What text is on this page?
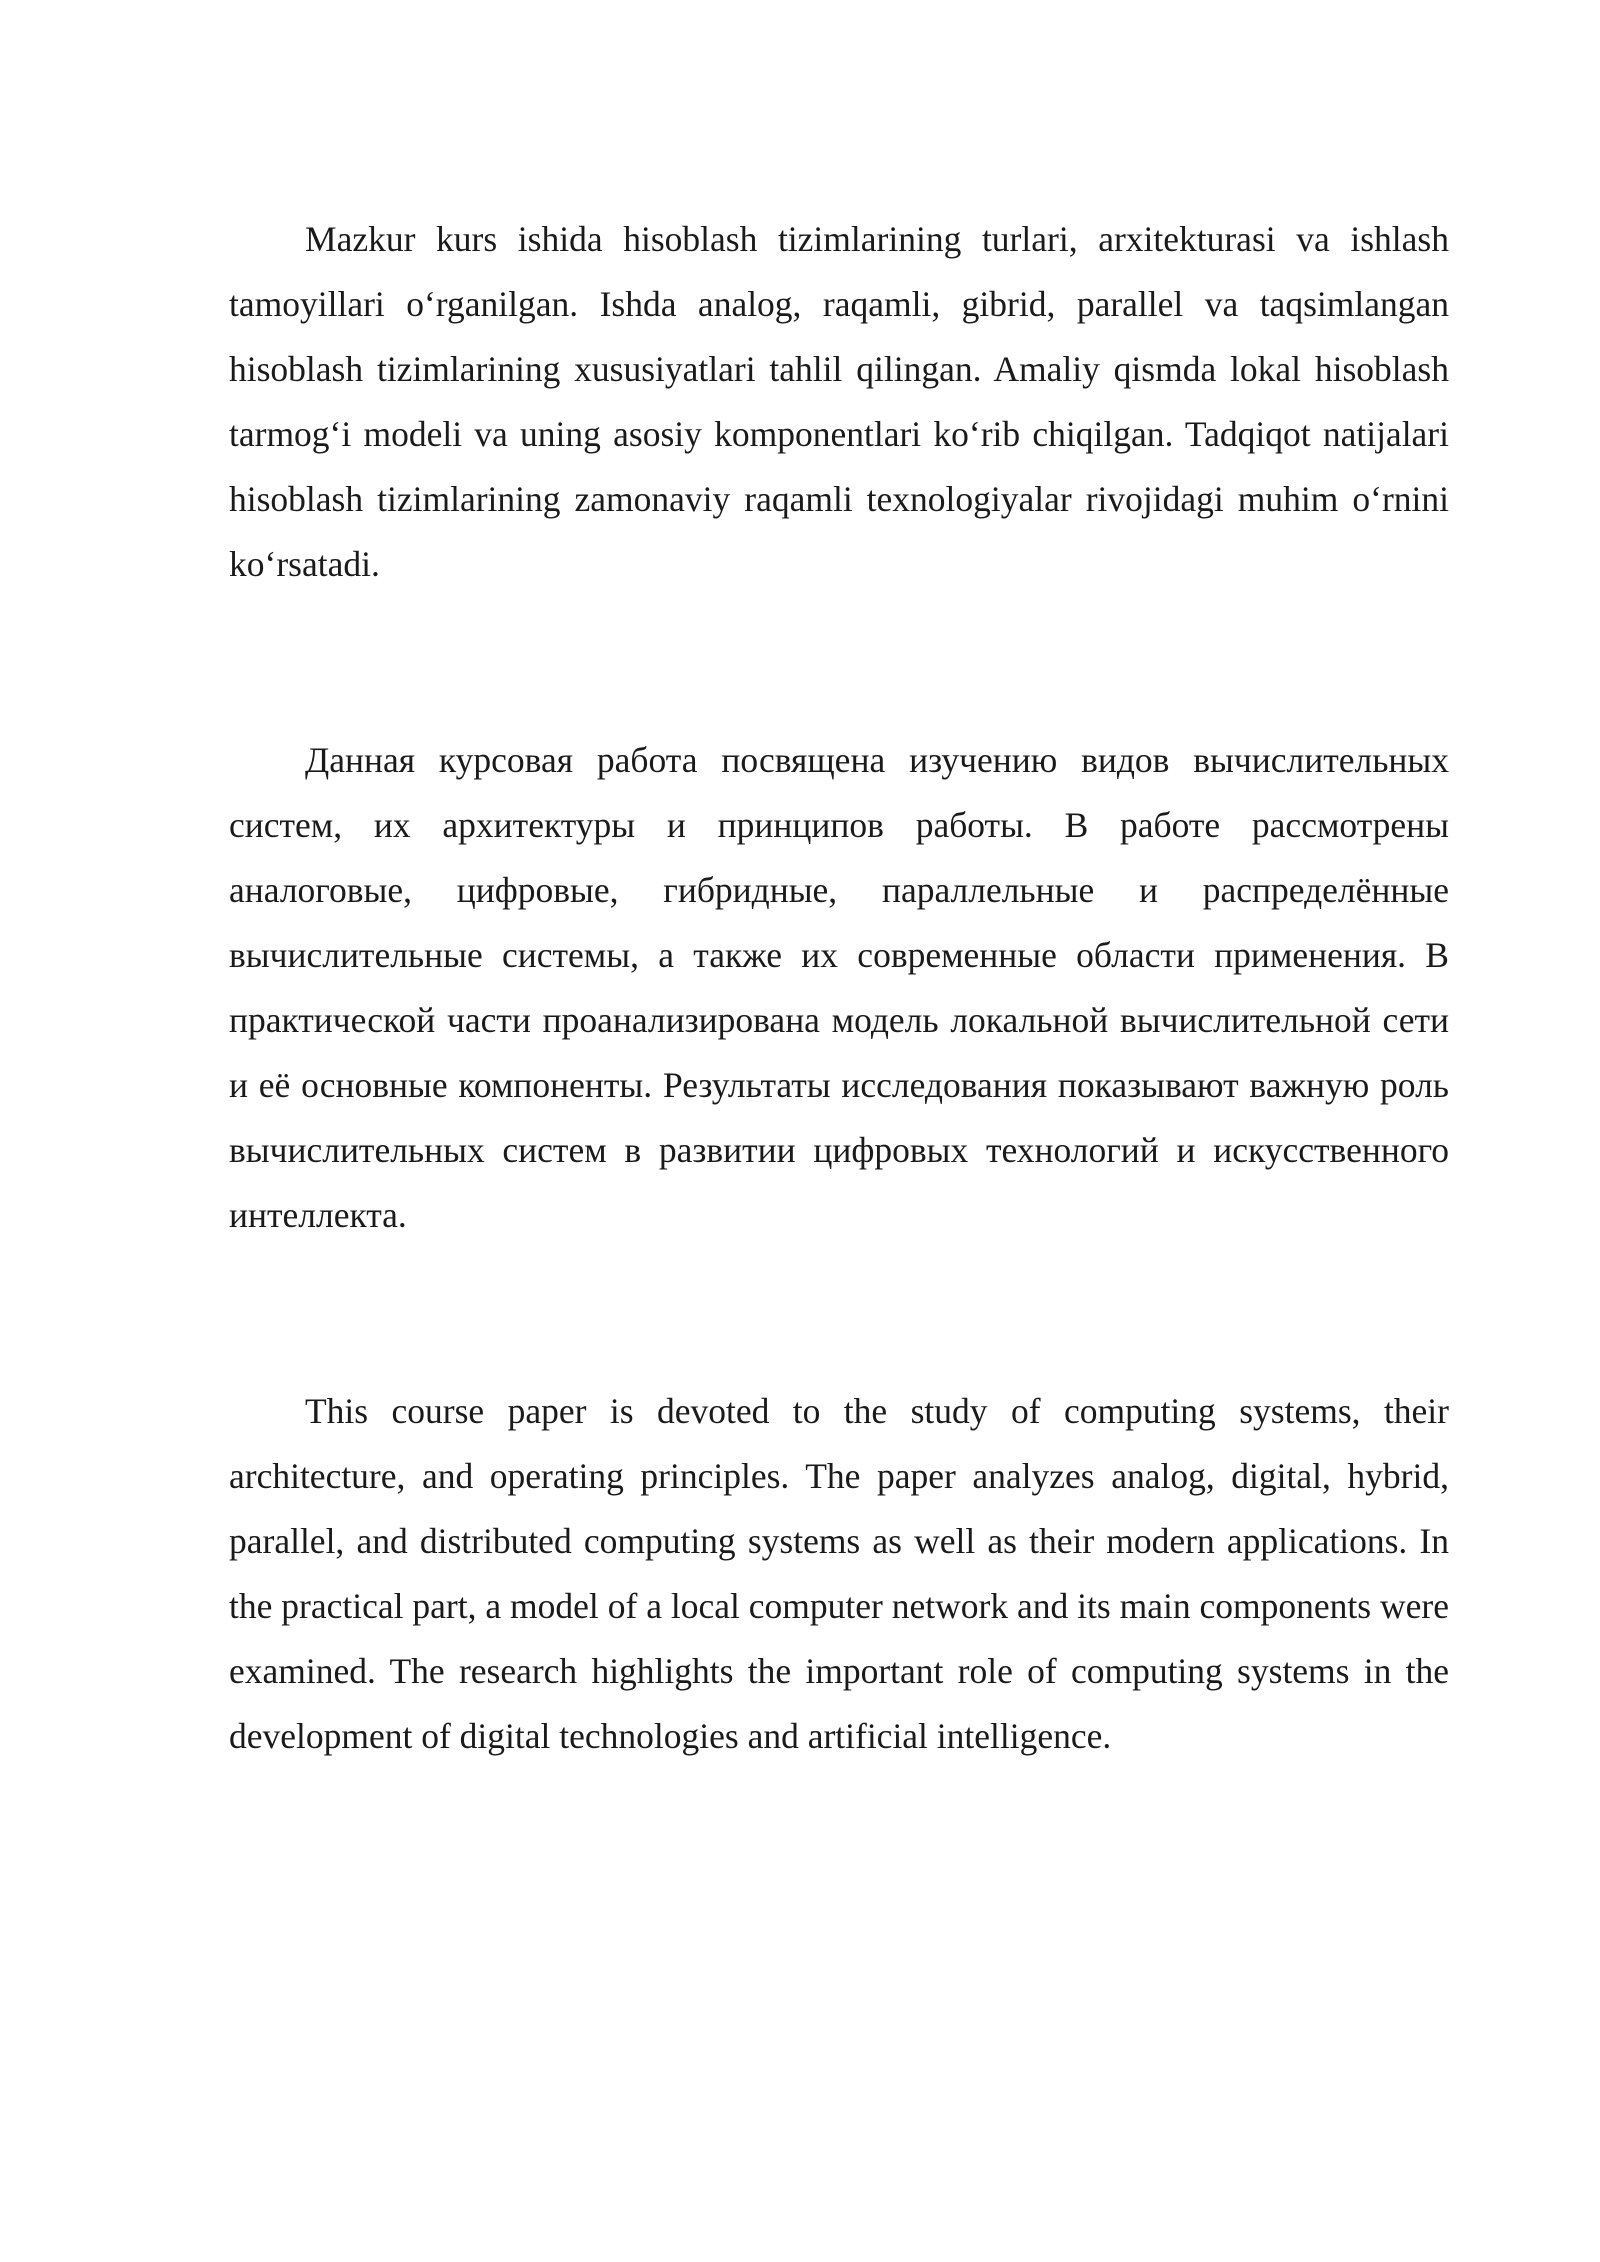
Mazkur kurs ishida hisoblash tizimlarining turlari, arxitekturasi va ishlash tamoyillari o‘rganilgan. Ishda analog, raqamli, gibrid, parallel va taqsimlangan hisoblash tizimlarining xususiyatlari tahlil qilingan. Amaliy qismda lokal hisoblash tarmog‘i modeli va uning asosiy komponentlari ko‘rib chiqilgan. Tadqiqot natijalari hisoblash tizimlarining zamonaviy raqamli texnologiyalar rivojidagi muhim o‘rnini ko‘rsatadi.

Данная курсовая работа посвящена изучению видов вычислительных систем, их архитектуры и принципов работы. В работе рассмотрены аналоговые, цифровые, гибридные, параллельные и распределённые вычислительные системы, а также их современные области применения. В практической части проанализирована модель локальной вычислительной сети и её основные компоненты. Результаты исследования показывают важную роль вычислительных систем в развитии цифровых технологий и искусственного интеллекта.

This course paper is devoted to the study of computing systems, their architecture, and operating principles. The paper analyzes analog, digital, hybrid, parallel, and distributed computing systems as well as their modern applications. In the practical part, a model of a local computer network and its main components were examined. The research highlights the important role of computing systems in the development of digital technologies and artificial intelligence.
